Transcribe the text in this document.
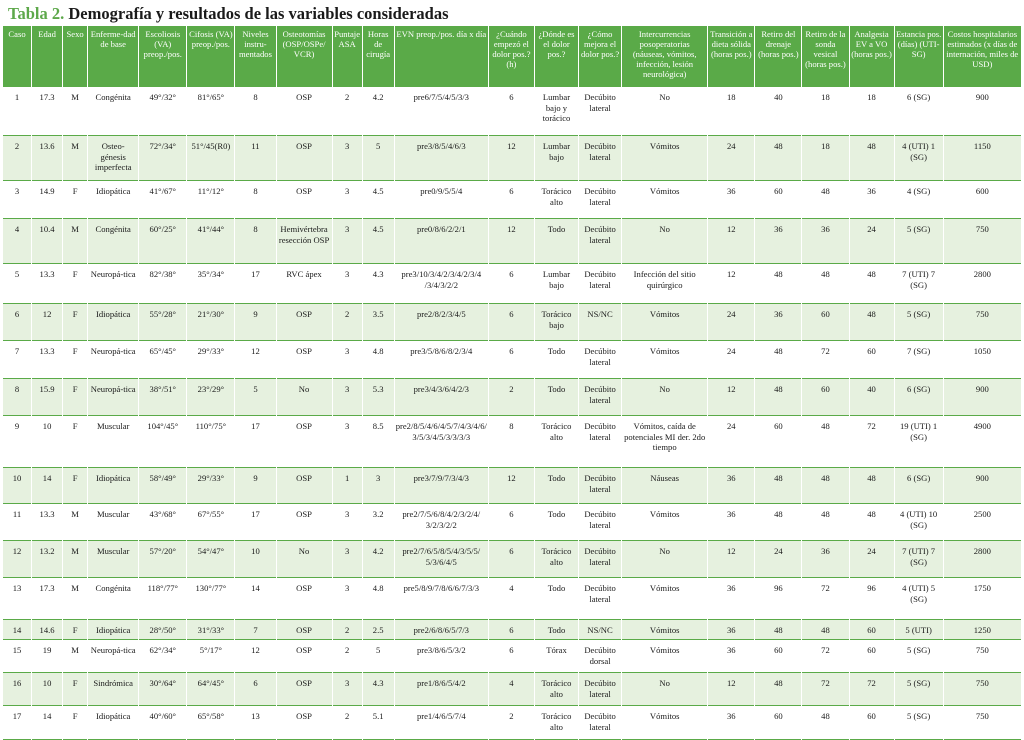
Tabla 2. Demografía y resultados de las variables consideradas
Caso	Edad	Sexo	Enferme-dad de base	Escoliosis (VA) preop./pos.	Cifosis (VA) preop./pos.	Niveles instru-mentados	Osteotomías (OSP/OSPe/ VCR)	Puntaje ASA	Horas de cirugía	EVN preop./pos. día x día	¿Cuándo empezó el dolor pos.? (h)	¿Dónde es el dolor pos.?	¿Cómo mejora el dolor pos.?	Intercurrencias posoperatorias (náuseas, vómitos, infección, lesión neurológica)	Transición a dieta sólida (horas pos.)	Retiro del drenaje (horas pos.)	Retiro de la sonda vesical (horas pos.)	Analgesia EV a VO (horas pos.)	Estancia pos. (días) (UTI-SG)	Costos hospitalarios estimados (x días de internación, miles de USD)
1	17.3	M	Congénita	49°/32°	81°/65°	8	OSP	2	4.2	pre6/7/5/4/5/3/3	6	Lumbar bajo y torácico	Decúbito lateral	No	18	40	18	18	6 (SG)	900
2	13.6	M	Osteo-génesis imperfecta	72°/34°	51°/45(R0)	11	OSP	3	5	pre3/8/5/4/6/3	12	Lumbar bajo	Decúbito lateral	Vómitos	24	48	18	48	4 (UTI) 1 (SG)	1150
3	14.9	F	Idiopática	41°/67°	11°/12°	8	OSP	3	4.5	pre0/9/5/5/4	6	Torácico alto	Decúbito lateral	Vómitos	36	60	48	36	4 (SG)	600
4	10.4	M	Congénita	60°/25°	41°/44°	8	Hemivértebra resección OSP	3	4.5	pre0/8/6/2/2/1	12	Todo	Decúbito lateral	No	12	36	36	24	5 (SG)	750
5	13.3	F	Neuropá-tica	82°/38°	35°/34°	17	RVC ápex	3	4.3	pre3/10/3/4/2/3/4/2/3/4 /3/4/3/2/2	6	Lumbar bajo	Decúbito lateral	Infección del sitio quirúrgico	12	48	48	48	7 (UTI) 7 (SG)	2800
6	12	F	Idiopática	55°/28°	21°/30°	9	OSP	2	3.5	pre2/8/2/3/4/5	6	Torácico bajo	NS/NC	Vómitos	24	36	60	48	5 (SG)	750
7	13.3	F	Neuropá-tica	65°/45°	29°/33°	12	OSP	3	4.8	pre3/5/8/6/8/2/3/4	6	Todo	Decúbito lateral	Vómitos	24	48	72	60	7 (SG)	1050
8	15.9	F	Neuropá-tica	38°/51°	23°/29°	5	No	3	5.3	pre3/4/3/6/4/2/3	2	Todo	Decúbito lateral	No	12	48	60	40	6 (SG)	900
9	10	F	Muscular	104°/45°	110°/75°	17	OSP	3	8.5	pre2/8/5/4/6/4/5/7/4/3/4/6/ 3/5/3/4/5/3/3/3/3	8	Torácico alto	Decúbito lateral	Vómitos, caída de potenciales MI der. 2do tiempo	24	60	48	72	19 (UTI) 1 (SG)	4900
10	14	F	Idiopática	58°/49°	29°/33°	9	OSP	1	3	pre3/7/9/7/3/4/3	12	Todo	Decúbito lateral	Náuseas	36	48	48	48	6 (SG)	900
11	13.3	M	Muscular	43°/68°	67°/55°	17	OSP	3	3.2	pre2/7/5/6/8/4/2/3/2/4/ 3/2/3/2/2	6	Todo	Decúbito lateral	Vómitos	36	48	48	48	4 (UTI) 10 (SG)	2500
12	13.2	M	Muscular	57°/20°	54°/47°	10	No	3	4.2	pre2/7/6/5/8/5/4/3/5/5/ 5/3/6/4/5	6	Torácico alto	Decúbito lateral	No	12	24	36	24	7 (UTI) 7 (SG)	2800
13	17.3	M	Congénita	118°/77°	130°/77°	14	OSP	3	4.8	pre5/8/9/7/8/6/6/7/3/3	4	Todo	Decúbito lateral	Vómitos	36	96	72	96	4 (UTI) 5 (SG)	1750
14	14.6	F	Idiopática	28°/50°	31°/33°	7	OSP	2	2.5	pre2/6/8/6/5/7/3	6	Todo	NS/NC	Vómitos	36	48	48	60	5 (UTI)	1250
15	19	M	Neuropá-tica	62°/34°	5°/17°	12	OSP	2	5	pre3/8/6/5/3/2	6	Tórax	Decúbito dorsal	Vómitos	36	60	72	60	5 (SG)	750
16	10	F	Sindrómica	30°/64°	64°/45°	6	OSP	3	4.3	pre1/8/6/5/4/2	4	Torácico alto	Decúbito lateral	No	12	48	72	72	5 (SG)	750
17	14	F	Idiopática	40°/60°	65°/58°	13	OSP	2	5.1	pre1/4/6/5/7/4	2	Torácico alto	Decúbito lateral	Vómitos	36	60	48	60	5 (SG)	750
